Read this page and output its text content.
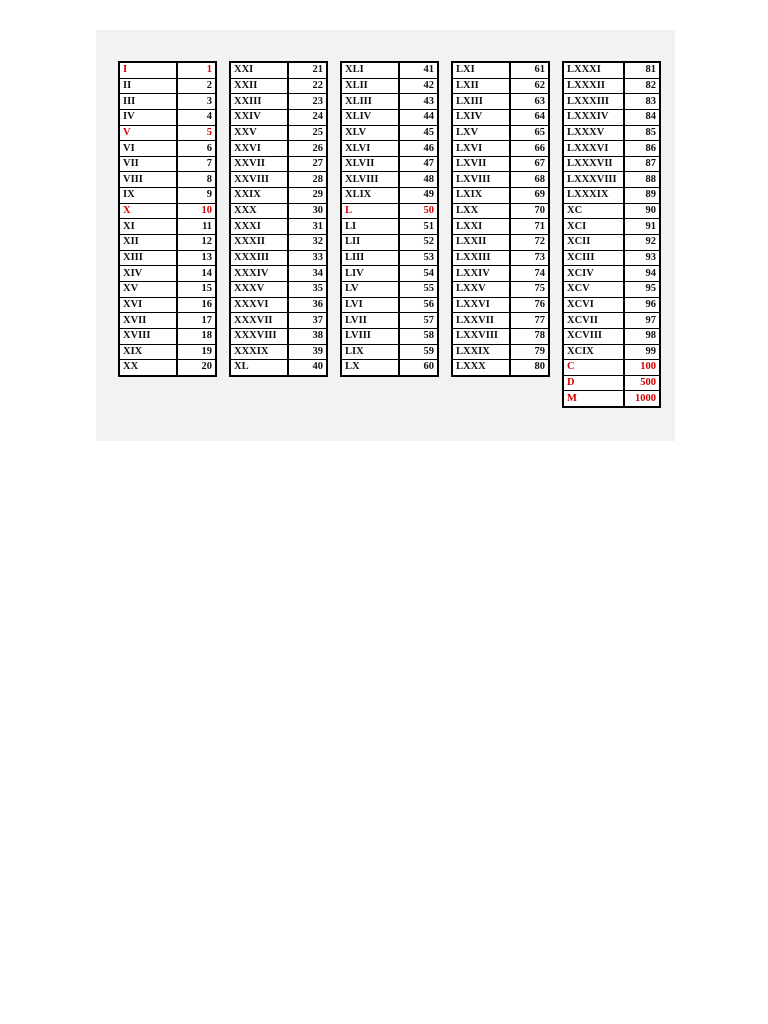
I	1
II	2
III	3
IV	4
V	5
VI	6
VII	7
VIII	8
IX	9
X	10
XI	11
XII	12
XIII	13
XIV	14
XV	15
XVI	16
XVII	17
XVIII	18
XIX	19
XX	20
XXI	21
XXII	22
XXIII	23
XXIV	24
XXV	25
XXVI	26
XXVII	27
XXVIII	28
XXIX	29
XXX	30
XXXI	31
XXXII	32
XXXIII	33
XXXIV	34
XXXV	35
XXXVI	36
XXXVII	37
XXXVIII	38
XXXIX	39
XL	40
XLI	41
XLII	42
XLIII	43
XLIV	44
XLV	45
XLVI	46
XLVII	47
XLVIII	48
XLIX	49
L	50
LI	51
LII	52
LIII	53
LIV	54
LV	55
LVI	56
LVII	57
LVIII	58
LIX	59
LX	60
LXI	61
LXII	62
LXIII	63
LXIV	64
LXV	65
LXVI	66
LXVII	67
LXVIII	68
LXIX	69
LXX	70
LXXI	71
LXXII	72
LXXIII	73
LXXIV	74
LXXV	75
LXXVI	76
LXXVII	77
LXXVIII	78
LXXIX	79
LXXX	80
LXXXI	81
LXXXII	82
LXXXIII	83
LXXXIV	84
LXXXV	85
LXXXVI	86
LXXXVII	87
LXXXVIII	88
LXXXIX	89
XC	90
XCI	91
XCII	92
XCIII	93
XCIV	94
XCV	95
XCVI	96
XCVII	97
XCVIII	98
XCIX	99
C	100
D	500
M	1000
